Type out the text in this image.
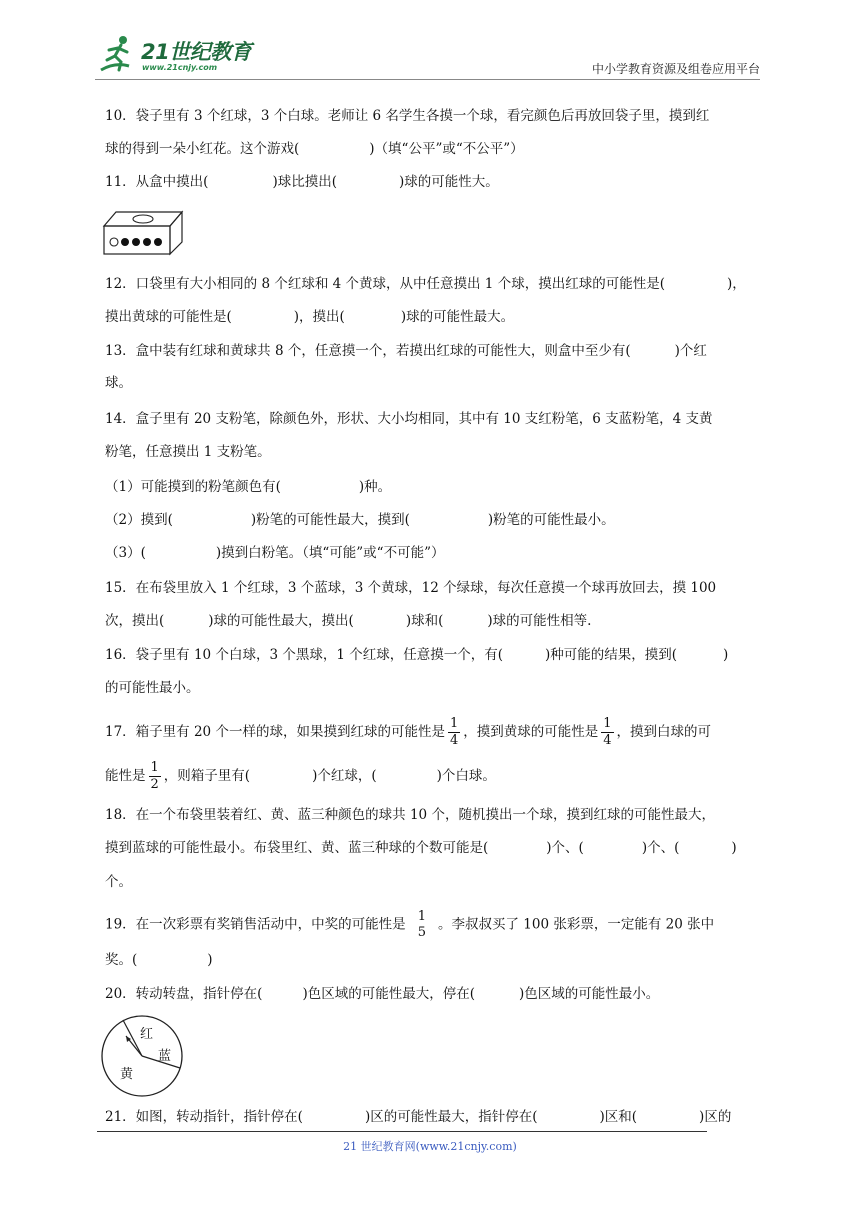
21世纪教育
www.21cnjy.com	中小学教育资源及组卷应用平台
10．袋子里有 3 个红球，3 个白球。老师让 6 名学生各摸一个球，看完颜色后再放回袋子里，摸到红
球的得到一朵小红花。这个游戏(	)（填“公平”或“不公平”）
11．从盒中摸出(	)球比摸出(	)球的可能性大。
12．口袋里有大小相同的 8 个红球和 4 个黄球，从中任意摸出 1 个球，摸出红球的可能性是(	)，
摸出黄球的可能性是(	)，摸出(	)球的可能性最大。
13．盒中装有红球和黄球共 8 个，任意摸一个，若摸出红球的可能性大，则盒中至少有(	)个红
球。
14．盒子里有 20 支粉笔，除颜色外，形状、大小均相同，其中有 10 支红粉笔，6 支蓝粉笔，4 支黄
粉笔，任意摸出 1 支粉笔。
（1）可能摸到的粉笔颜色有(	)种。
（2）摸到(	)粉笔的可能性最大，摸到(	)粉笔的可能性最小。
（3）(	)摸到白粉笔。（填“可能”或“不可能”）
15．在布袋里放入 1 个红球，3 个蓝球，3 个黄球，12 个绿球，每次任意摸一个球再放回去，摸 100
次，摸出(	)球的可能性最大，摸出(	)球和(	)球的可能性相等.
16．袋子里有 10 个白球，3 个黑球，1 个红球，任意摸一个，有(	)种可能的结果，摸到(	)
的可能性最小。
17．箱子里有 20 个一样的球，如果摸到红球的可能性是 $\frac{1}{4}$ ，摸到黄球的可能性是 $\frac{1}{4}$ ，摸到白球的可
能性是 $\frac{1}{2}$ ，则箱子里有(	)个红球，(	)个白球。
18．在一个布袋里装着红、黄、蓝三种颜色的球共 10 个，随机摸出一个球，摸到红球的可能性最大，
摸到蓝球的可能性最小。布袋里红、黄、蓝三种球的个数可能是(	)个、(	)个、(	)
个。
19．在一次彩票有奖销售活动中，中奖的可能性是 1
5 。李叔叔买了 100 张彩票，一定能有 20 张中
奖。(	)
20．转动转盘，指针停在(	)色区域的可能性最大，停在(	)色区域的可能性最小。
红
蓝
黄
21．如图，转动指针，指针停在(	)区的可能性最大，指针停在(	)区和(	)区的
21 世纪教育网(www.21cnjy.com)
